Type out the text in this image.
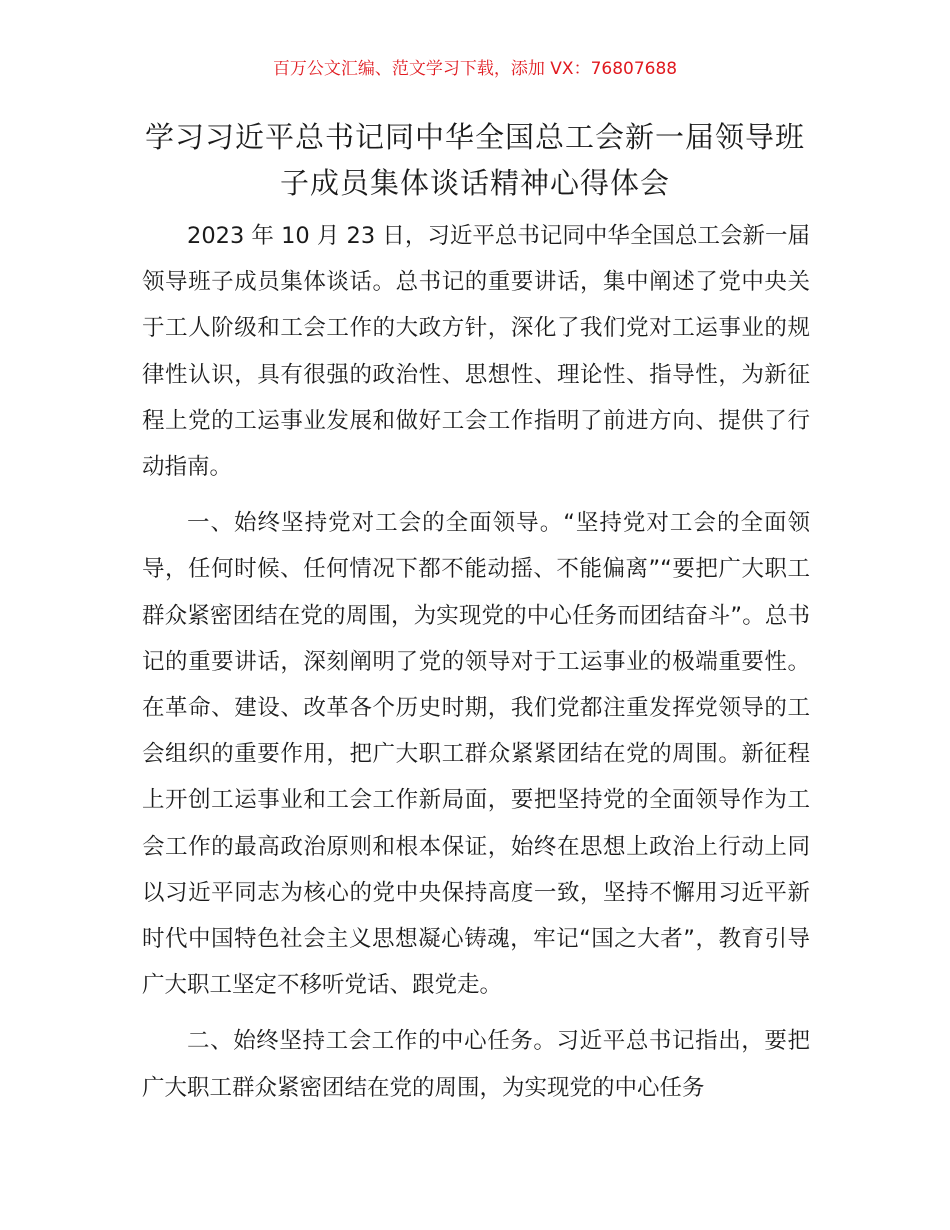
百万公文汇编、范文学习下载，添加 VX：76807688
学习习近平总书记同中华全国总工会新一届领导班子成员集体谈话精神心得体会

2023 年 10 月 23 日，习近平总书记同中华全国总工会新一届领导班子成员集体谈话。总书记的重要讲话，集中阐述了党中央关于工人阶级和工会工作的大政方针，深化了我们党对工运事业的规律性认识，具有很强的政治性、思想性、理论性、指导性，为新征程上党的工运事业发展和做好工会工作指明了前进方向、提供了行动指南。

一、始终坚持党对工会的全面领导。“坚持党对工会的全面领导，任何时候、任何情况下都不能动摇、不能偏离”“要把广大职工群众紧密团结在党的周围，为实现党的中心任务而团结奋斗”。总书记的重要讲话，深刻阐明了党的领导对于工运事业的极端重要性。在革命、建设、改革各个历史时期，我们党都注重发挥党领导的工会组织的重要作用，把广大职工群众紧紧团结在党的周围。新征程上开创工运事业和工会工作新局面，要把坚持党的全面领导作为工会工作的最高政治原则和根本保证，始终在思想上政治上行动上同以习近平同志为核心的党中央保持高度一致，坚持不懈用习近平新时代中国特色社会主义思想凝心铸魂，牢记“国之大者”，教育引导广大职工坚定不移听党话、跟党走。

二、始终坚持工会工作的中心任务。习近平总书记指出，要把广大职工群众紧密团结在党的周围，为实现党的中心任务
